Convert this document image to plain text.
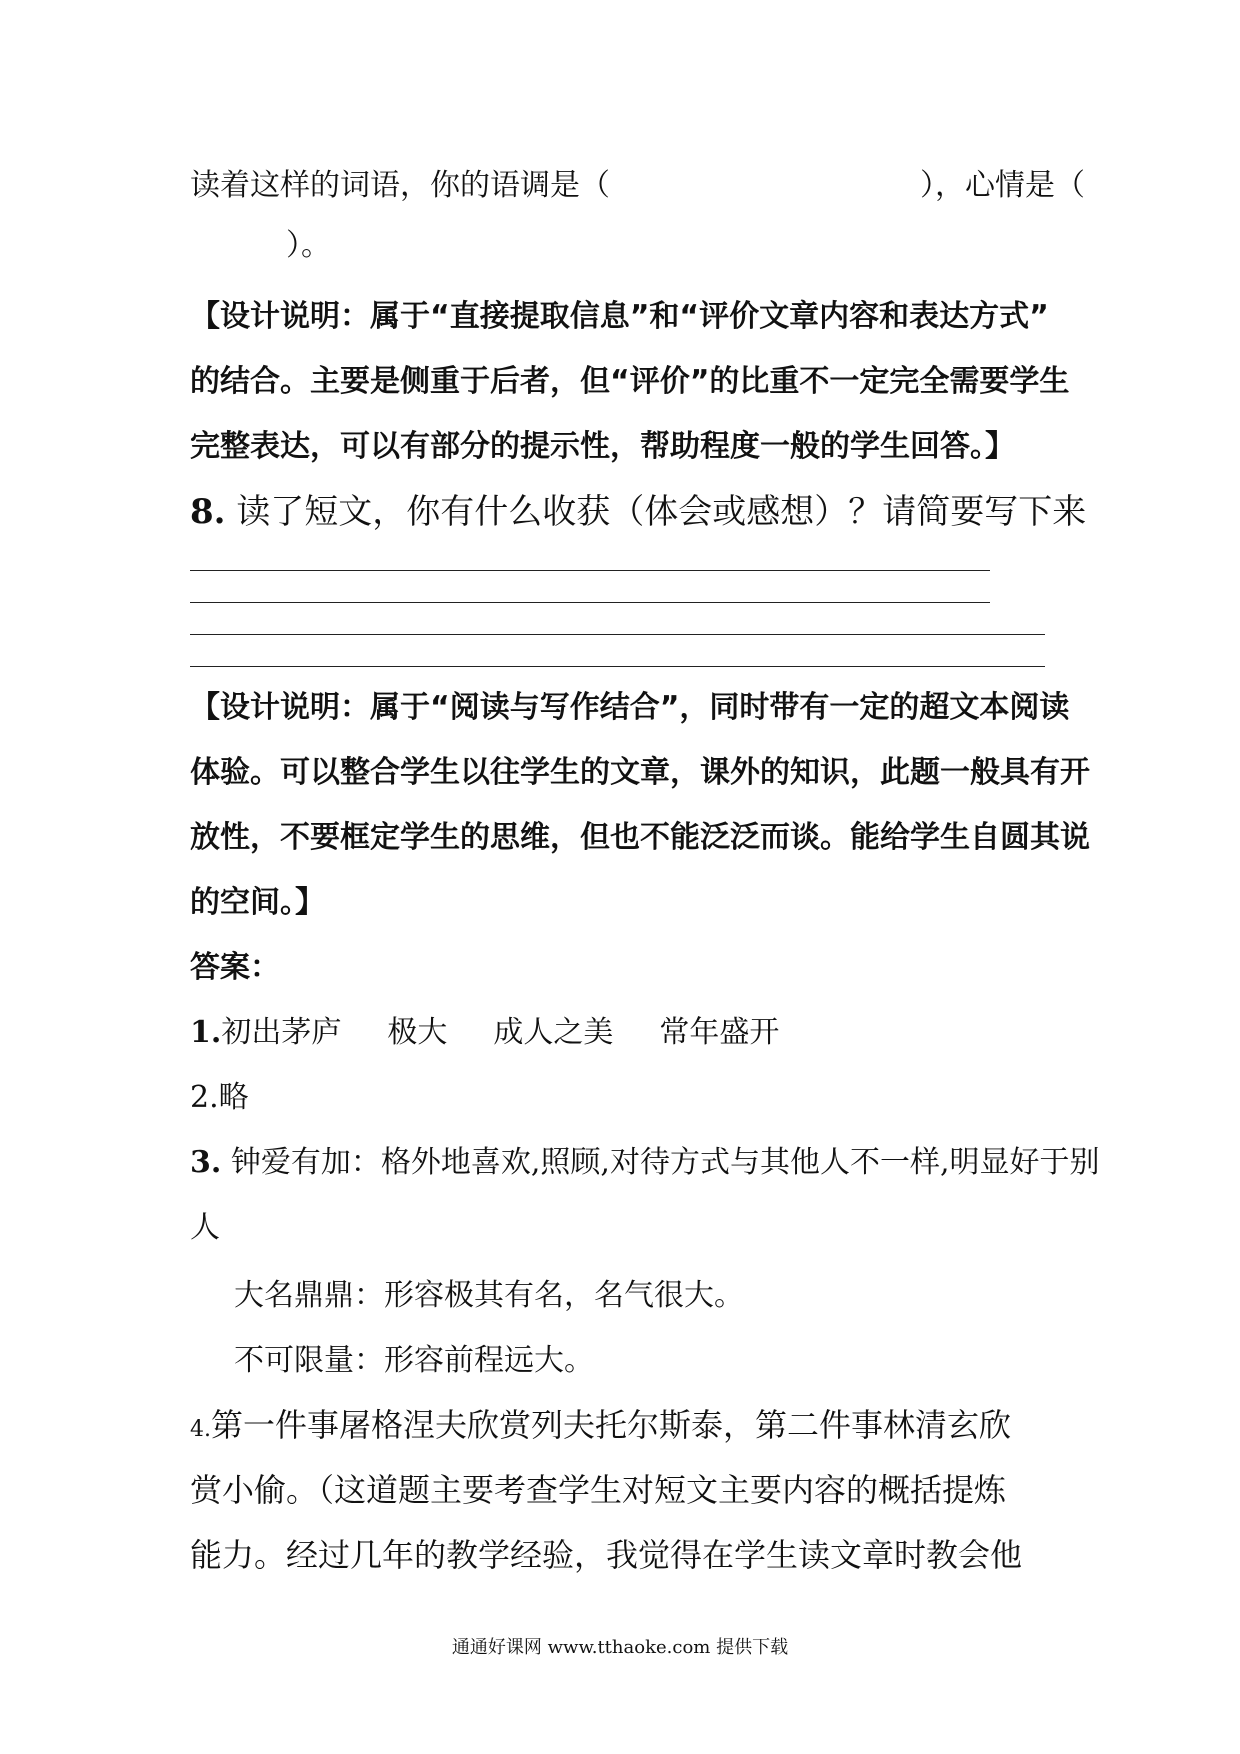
读着这样的词语，你的语调是（	），心情是（
）。
【设计说明：属于“直接提取信息”和“评价文章内容和表达方式”
的结合。主要是侧重于后者，但“评价”的比重不一定完全需要学生
完整表达，可以有部分的提示性，帮助程度一般的学生回答。】
8. 读了短文，你有什么收获（体会或感想）？请简要写下来
【设计说明：属于“阅读与写作结合”，同时带有一定的超文本阅读
体验。可以整合学生以往学生的文章，课外的知识，此题一般具有开
放性，不要框定学生的思维，但也不能泛泛而谈。能给学生自圆其说
的空间。】
答案：
1.初出茅庐 极大 成人之美 常年盛开
2.略
3. 钟爱有加：格外地喜欢,照顾,对待方式与其他人不一样,明显好于别
人
大名鼎鼎：形容极其有名，名气很大。
不可限量：形容前程远大。
4.第一件事屠格涅夫欣赏列夫托尔斯泰，第二件事林清玄欣
赏小偷。（这道题主要考查学生对短文主要内容的概括提炼
能力。经过几年的教学经验，我觉得在学生读文章时教会他
通通好课网 www.tthaoke.com 提供下载
